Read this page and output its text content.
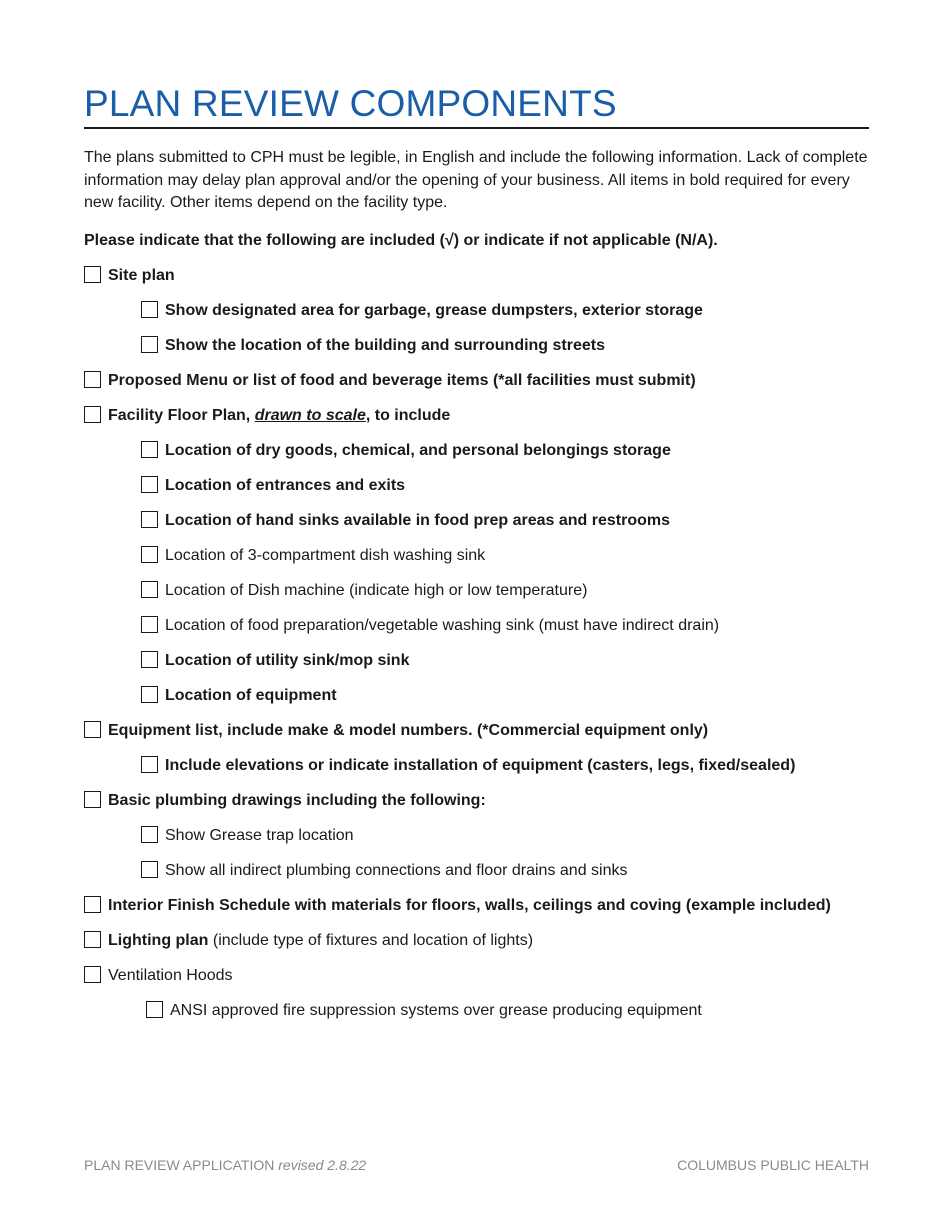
PLAN REVIEW COMPONENTS

The plans submitted to CPH must be legible, in English and include the following information. Lack of complete information may delay plan approval and/or the opening of your business. All items in bold required for every new facility. Other items depend on the facility type.

Please indicate that the following are included (√) or indicate if not applicable (N/A).

Site plan
Show designated area for garbage, grease dumpsters, exterior storage
Show the location of the building and surrounding streets
Proposed Menu or list of food and beverage items (*all facilities must submit)
Facility Floor Plan, drawn to scale, to include
Location of dry goods, chemical, and personal belongings storage
Location of entrances and exits
Location of hand sinks available in food prep areas and restrooms
Location of 3-compartment dish washing sink
Location of Dish machine (indicate high or low temperature)
Location of food preparation/vegetable washing sink (must have indirect drain)
Location of utility sink/mop sink
Location of equipment
Equipment list, include make & model numbers. (*Commercial equipment only)
Include elevations or indicate installation of equipment (casters, legs, fixed/sealed)
Basic plumbing drawings including the following:
Show Grease trap location
Show all indirect plumbing connections and floor drains and sinks
Interior Finish Schedule with materials for floors, walls, ceilings and coving (example included)
Lighting plan (include type of fixtures and location of lights)
Ventilation Hoods
ANSI approved fire suppression systems over grease producing equipment
PLAN REVIEW APPLICATION revised 2.8.22	COLUMBUS PUBLIC HEALTH
